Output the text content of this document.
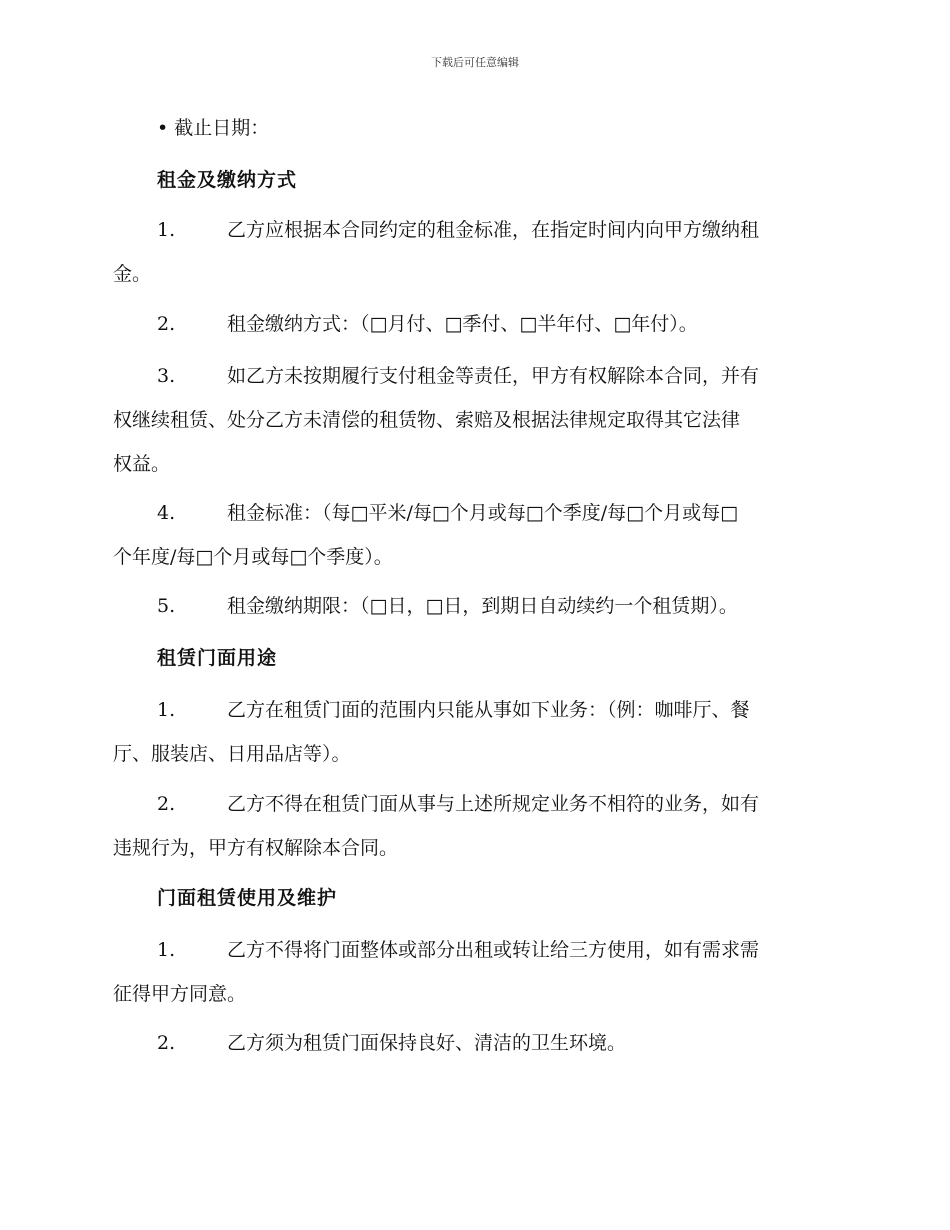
下载后可任意编辑
• 截止日期：
租金及缴纳方式
1.	乙方应根据本合同约定的租金标准，在指定时间内向甲方缴纳租
金。
2.	租金缴纳方式：（□月付、□季付、□半年付、□年付）。
3.	如乙方未按期履行支付租金等责任，甲方有权解除本合同，并有
权继续租赁、处分乙方未清偿的租赁物、索赔及根据法律规定取得其它法律
权益。
4.	租金标准：（每□平米/每□个月或每□个季度/每□个月或每□
个年度/每□个月或每□个季度）。
5.	租金缴纳期限：（□日，□日，到期日自动续约一个租赁期）。
租赁门面用途
1.	乙方在租赁门面的范围内只能从事如下业务：（例：咖啡厅、餐
厅、服装店、日用品店等）。
2.	乙方不得在租赁门面从事与上述所规定业务不相符的业务，如有
违规行为，甲方有权解除本合同。
门面租赁使用及维护
1.	乙方不得将门面整体或部分出租或转让给三方使用，如有需求需
征得甲方同意。
2.	乙方须为租赁门面保持良好、清洁的卫生环境。
